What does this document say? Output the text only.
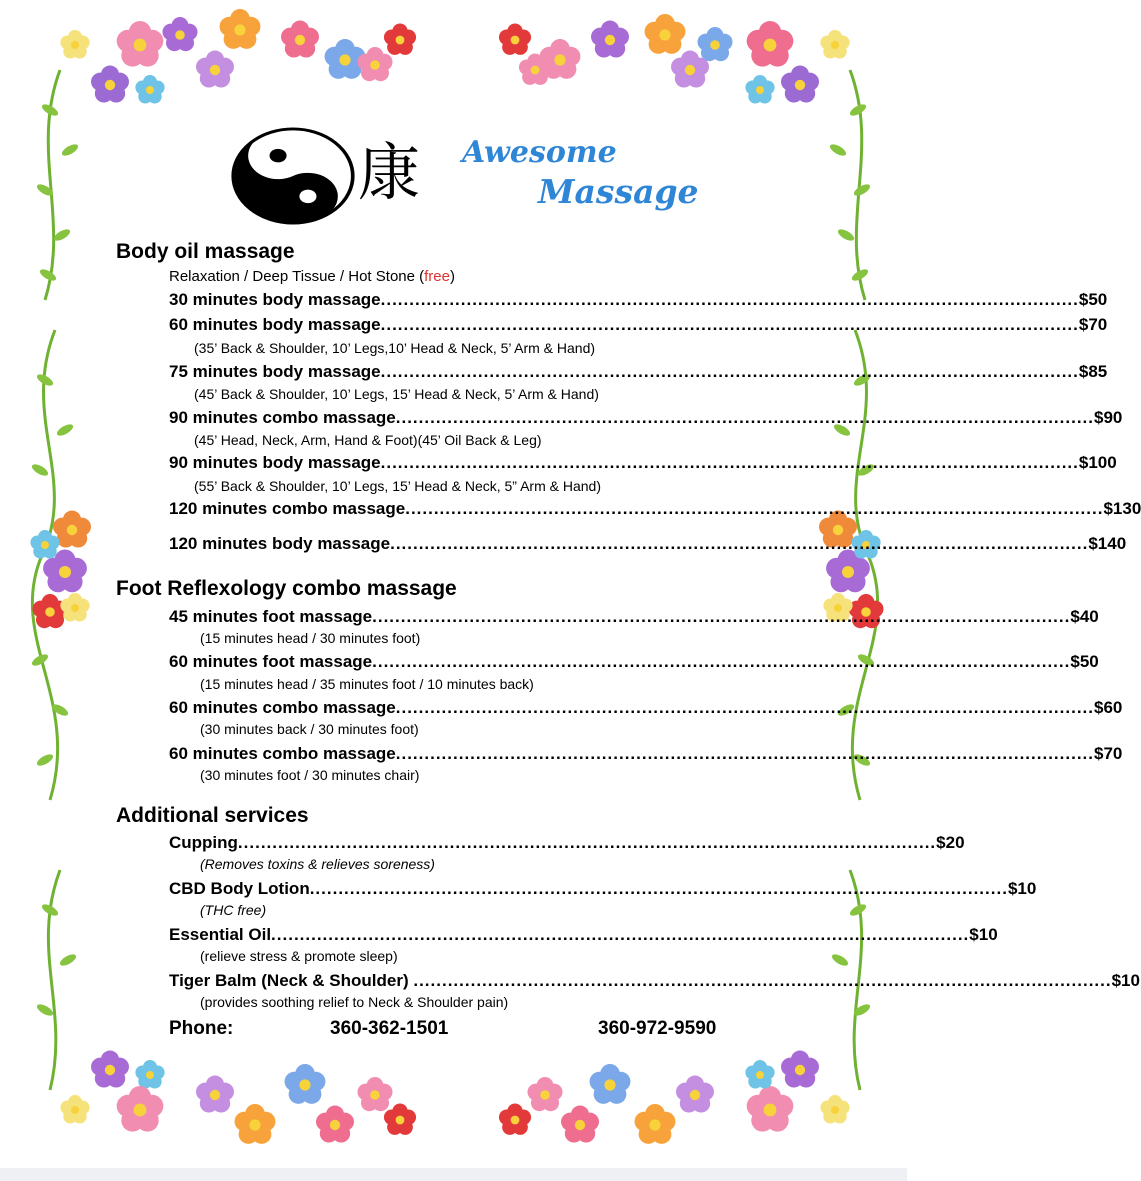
康 Awesome
Massage
Body oil massage
Relaxation / Deep Tissue / Hot Stone (free)
30 minutes body massage .......................................................................................................................... $50
60 minutes body massage .......................................................................................................................... $70
(35’ Back & Shoulder, 10’ Legs,10’ Head & Neck, 5’ Arm & Hand)
75 minutes body massage .......................................................................................................................... $85
(45’ Back & Shoulder, 10’ Legs, 15’ Head & Neck, 5’ Arm & Hand)
90 minutes combo massage .......................................................................................................................... $90
(45’ Head, Neck, Arm, Hand & Foot)(45’ Oil Back & Leg)
90 minutes body massage .......................................................................................................................... $100
(55’ Back & Shoulder, 10’ Legs, 15’ Head & Neck, 5” Arm & Hand)
120 minutes combo massage .......................................................................................................................... $130
120 minutes body massage .......................................................................................................................... $140
Foot Reflexology combo massage
45 minutes foot massage .......................................................................................................................... $40
(15 minutes head / 30 minutes foot)
60 minutes foot massage .......................................................................................................................... $50
(15 minutes head / 35 minutes foot / 10 minutes back)
60 minutes combo massage .......................................................................................................................... $60
(30 minutes back / 30 minutes foot)
60 minutes combo massage .......................................................................................................................... $70
(30 minutes foot / 30 minutes chair)
Additional services
Cupping .......................................................................................................................... $20
(Removes toxins & relieves soreness)
CBD Body Lotion .......................................................................................................................... $10
(THC free)
Essential Oil .......................................................................................................................... $10
(relieve stress & promote sleep)
Tiger Balm (Neck & Shoulder) .......................................................................................................................... $10
(provides soothing relief to Neck & Shoulder pain)
Phone:	360-362-1501	360-972-9590
